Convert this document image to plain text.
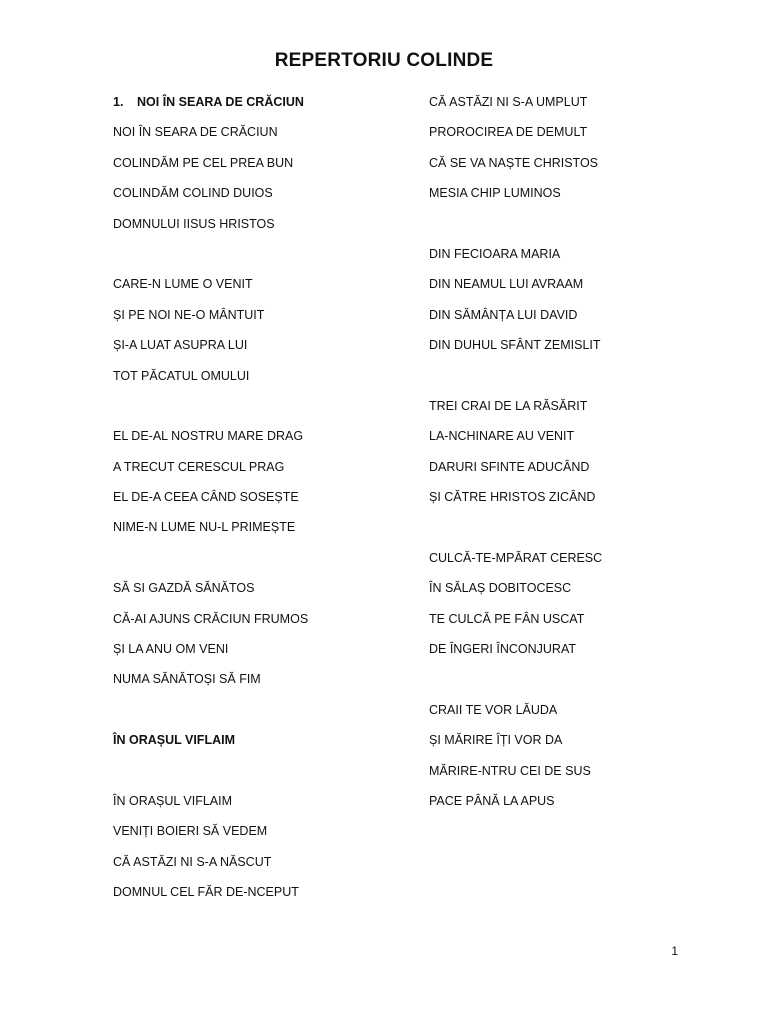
REPERTORIU COLINDE
1. NOI ÎN SEARA DE CRĂCIUN
NOI ÎN SEARA DE CRĂCIUN
COLINDĂM PE CEL PREA BUN
COLINDĂM COLIND DUIOS
DOMNULUI IISUS HRISTOS
CARE-N LUME O VENIT
ȘI PE NOI NE-O MÂNTUIT
ȘI-A LUAT ASUPRA LUI
TOT PĂCATUL OMULUI
EL DE-AL NOSTRU MARE DRAG
A TRECUT CERESCUL PRAG
EL DE-A CEEA CÂND SOSEȘTE
NIME-N LUME NU-L PRIMEȘTE
SĂ SI GAZDĂ SĂNĂTOS
CĂ-AI AJUNS CRĂCIUN FRUMOS
ȘI LA ANU OM VENI
NUMA SĂNĂTOȘI SĂ FIM
ÎN ORAȘUL VIFLAIM
ÎN ORAȘUL VIFLAIM
VENIȚI BOIERI SĂ VEDEM
CĂ ASTĂZI NI S-A NĂSCUT
DOMNUL CEL FĂR DE-NCEPUT
CĂ ASTĂZI NI S-A UMPLUT
PROROCIREA DE DEMULT
CĂ SE VA NAȘTE CHRISTOS
MESIA CHIP LUMINOS
DIN FECIOARA MARIA
DIN NEAMUL LUI AVRAAM
DIN SĂMÂNȚA LUI DAVID
DIN DUHUL SFÂNT ZEMISLIT
TREI CRAI DE LA RĂSĂRIT
LA-NCHINARE AU VENIT
DARURI SFINTE ADUCÂND
ȘI CĂTRE HRISTOS ZICÂND
CULCĂ-TE-MPĂRAT CERESC
ÎN SĂLAȘ DOBITOCESC
TE CULCĂ PE FÂN USCAT
DE ÎNGERI ÎNCONJURAT
CRAII TE VOR LĂUDA
ȘI MĂRIRE ÎȚI VOR DA
MĂRIRE-NTRU CEI DE SUS
PACE PÂNĂ LA APUS
1
